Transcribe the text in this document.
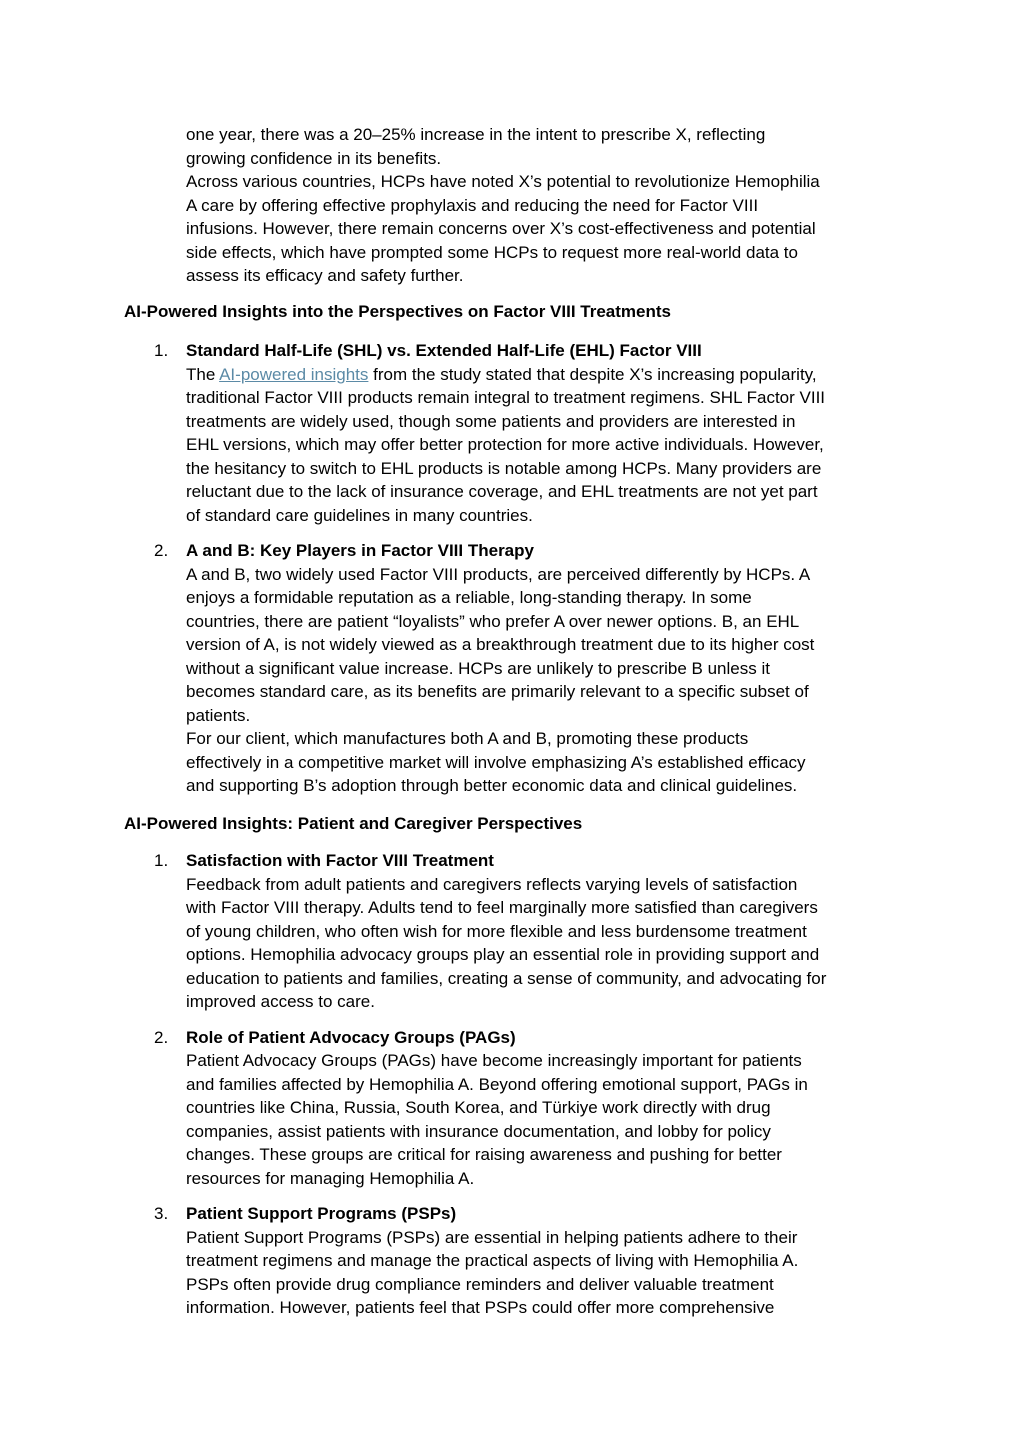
one year, there was a 20–25% increase in the intent to prescribe X, reflecting
growing confidence in its benefits.

Across various countries, HCPs have noted X’s potential to revolutionize Hemophilia
A care by offering effective prophylaxis and reducing the need for Factor VIII
infusions. However, there remain concerns over X’s cost-effectiveness and potential
side effects, which have prompted some HCPs to request more real-world data to
assess its efficacy and safety further.

AI-Powered Insights into the Perspectives on Factor VIII Treatments
1. Standard Half-Life (SHL) vs. Extended Half-Life (EHL) Factor VIII

The AI-powered insights from the study stated that despite X’s increasing popularity,
traditional Factor VIII products remain integral to treatment regimens. SHL Factor VIII
treatments are widely used, though some patients and providers are interested in
EHL versions, which may offer better protection for more active individuals. However,
the hesitancy to switch to EHL products is notable among HCPs. Many providers are
reluctant due to the lack of insurance coverage, and EHL treatments are not yet part
of standard care guidelines in many countries.

2. A and B: Key Players in Factor VIII Therapy

A and B, two widely used Factor VIII products, are perceived differently by HCPs. A
enjoys a formidable reputation as a reliable, long-standing therapy. In some
countries, there are patient “loyalists” who prefer A over newer options. B, an EHL
version of A, is not widely viewed as a breakthrough treatment due to its higher cost
without a significant value increase. HCPs are unlikely to prescribe B unless it
becomes standard care, as its benefits are primarily relevant to a specific subset of
patients.

For our client, which manufactures both A and B, promoting these products
effectively in a competitive market will involve emphasizing A’s established efficacy
and supporting B’s adoption through better economic data and clinical guidelines.

AI-Powered Insights: Patient and Caregiver Perspectives
1. Satisfaction with Factor VIII Treatment

Feedback from adult patients and caregivers reflects varying levels of satisfaction
with Factor VIII therapy. Adults tend to feel marginally more satisfied than caregivers
of young children, who often wish for more flexible and less burdensome treatment
options. Hemophilia advocacy groups play an essential role in providing support and
education to patients and families, creating a sense of community, and advocating for
improved access to care.

2. Role of Patient Advocacy Groups (PAGs)

Patient Advocacy Groups (PAGs) have become increasingly important for patients
and families affected by Hemophilia A. Beyond offering emotional support, PAGs in
countries like China, Russia, South Korea, and Türkiye work directly with drug
companies, assist patients with insurance documentation, and lobby for policy
changes. These groups are critical for raising awareness and pushing for better
resources for managing Hemophilia A.

3. Patient Support Programs (PSPs)

Patient Support Programs (PSPs) are essential in helping patients adhere to their
treatment regimens and manage the practical aspects of living with Hemophilia A.
PSPs often provide drug compliance reminders and deliver valuable treatment
information. However, patients feel that PSPs could offer more comprehensive
